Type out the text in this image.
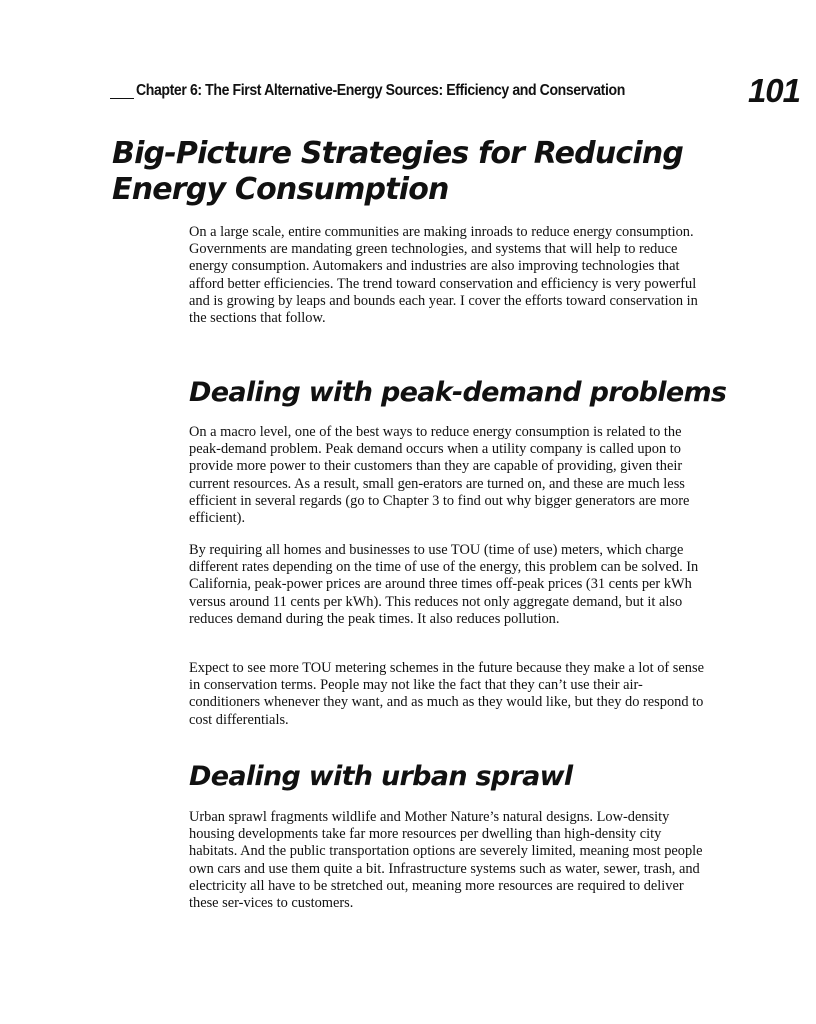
Chapter 6: The First Alternative-Energy Sources: Efficiency and Conservation	101
Big-Picture Strategies for Reducing
Energy Consumption

On a large scale, entire communities are making inroads to reduce energy consumption. Governments are mandating green technologies, and systems that will help to reduce energy consumption. Automakers and industries are also improving technologies that afford better efficiencies. The trend toward conservation and efficiency is very powerful and is growing by leaps and bounds each year. I cover the efforts toward conservation in the sections that follow.

Dealing with peak-demand problems

On a macro level, one of the best ways to reduce energy consumption is related to the peak-demand problem. Peak demand occurs when a utility company is called upon to provide more power to their customers than they are capable of providing, given their current resources. As a result, small gen-erators are turned on, and these are much less efficient in several regards (go to Chapter 3 to find out why bigger generators are more efficient).

By requiring all homes and businesses to use TOU (time of use) meters, which charge different rates depending on the time of use of the energy, this problem can be solved. In California, peak-power prices are around three times off-peak prices (31 cents per kWh versus around 11 cents per kWh). This reduces not only aggregate demand, but it also reduces demand during the peak times. It also reduces pollution.

Expect to see more TOU metering schemes in the future because they make a lot of sense in conservation terms. People may not like the fact that they can’t use their air-conditioners whenever they want, and as much as they would like, but they do respond to cost differentials.

Dealing with urban sprawl

Urban sprawl fragments wildlife and Mother Nature’s natural designs. Low-density housing developments take far more resources per dwelling than high-density city habitats. And the public transportation options are severely limited, meaning most people own cars and use them quite a bit. Infrastructure systems such as water, sewer, trash, and electricity all have to be stretched out, meaning more resources are required to deliver these ser-vices to customers.
